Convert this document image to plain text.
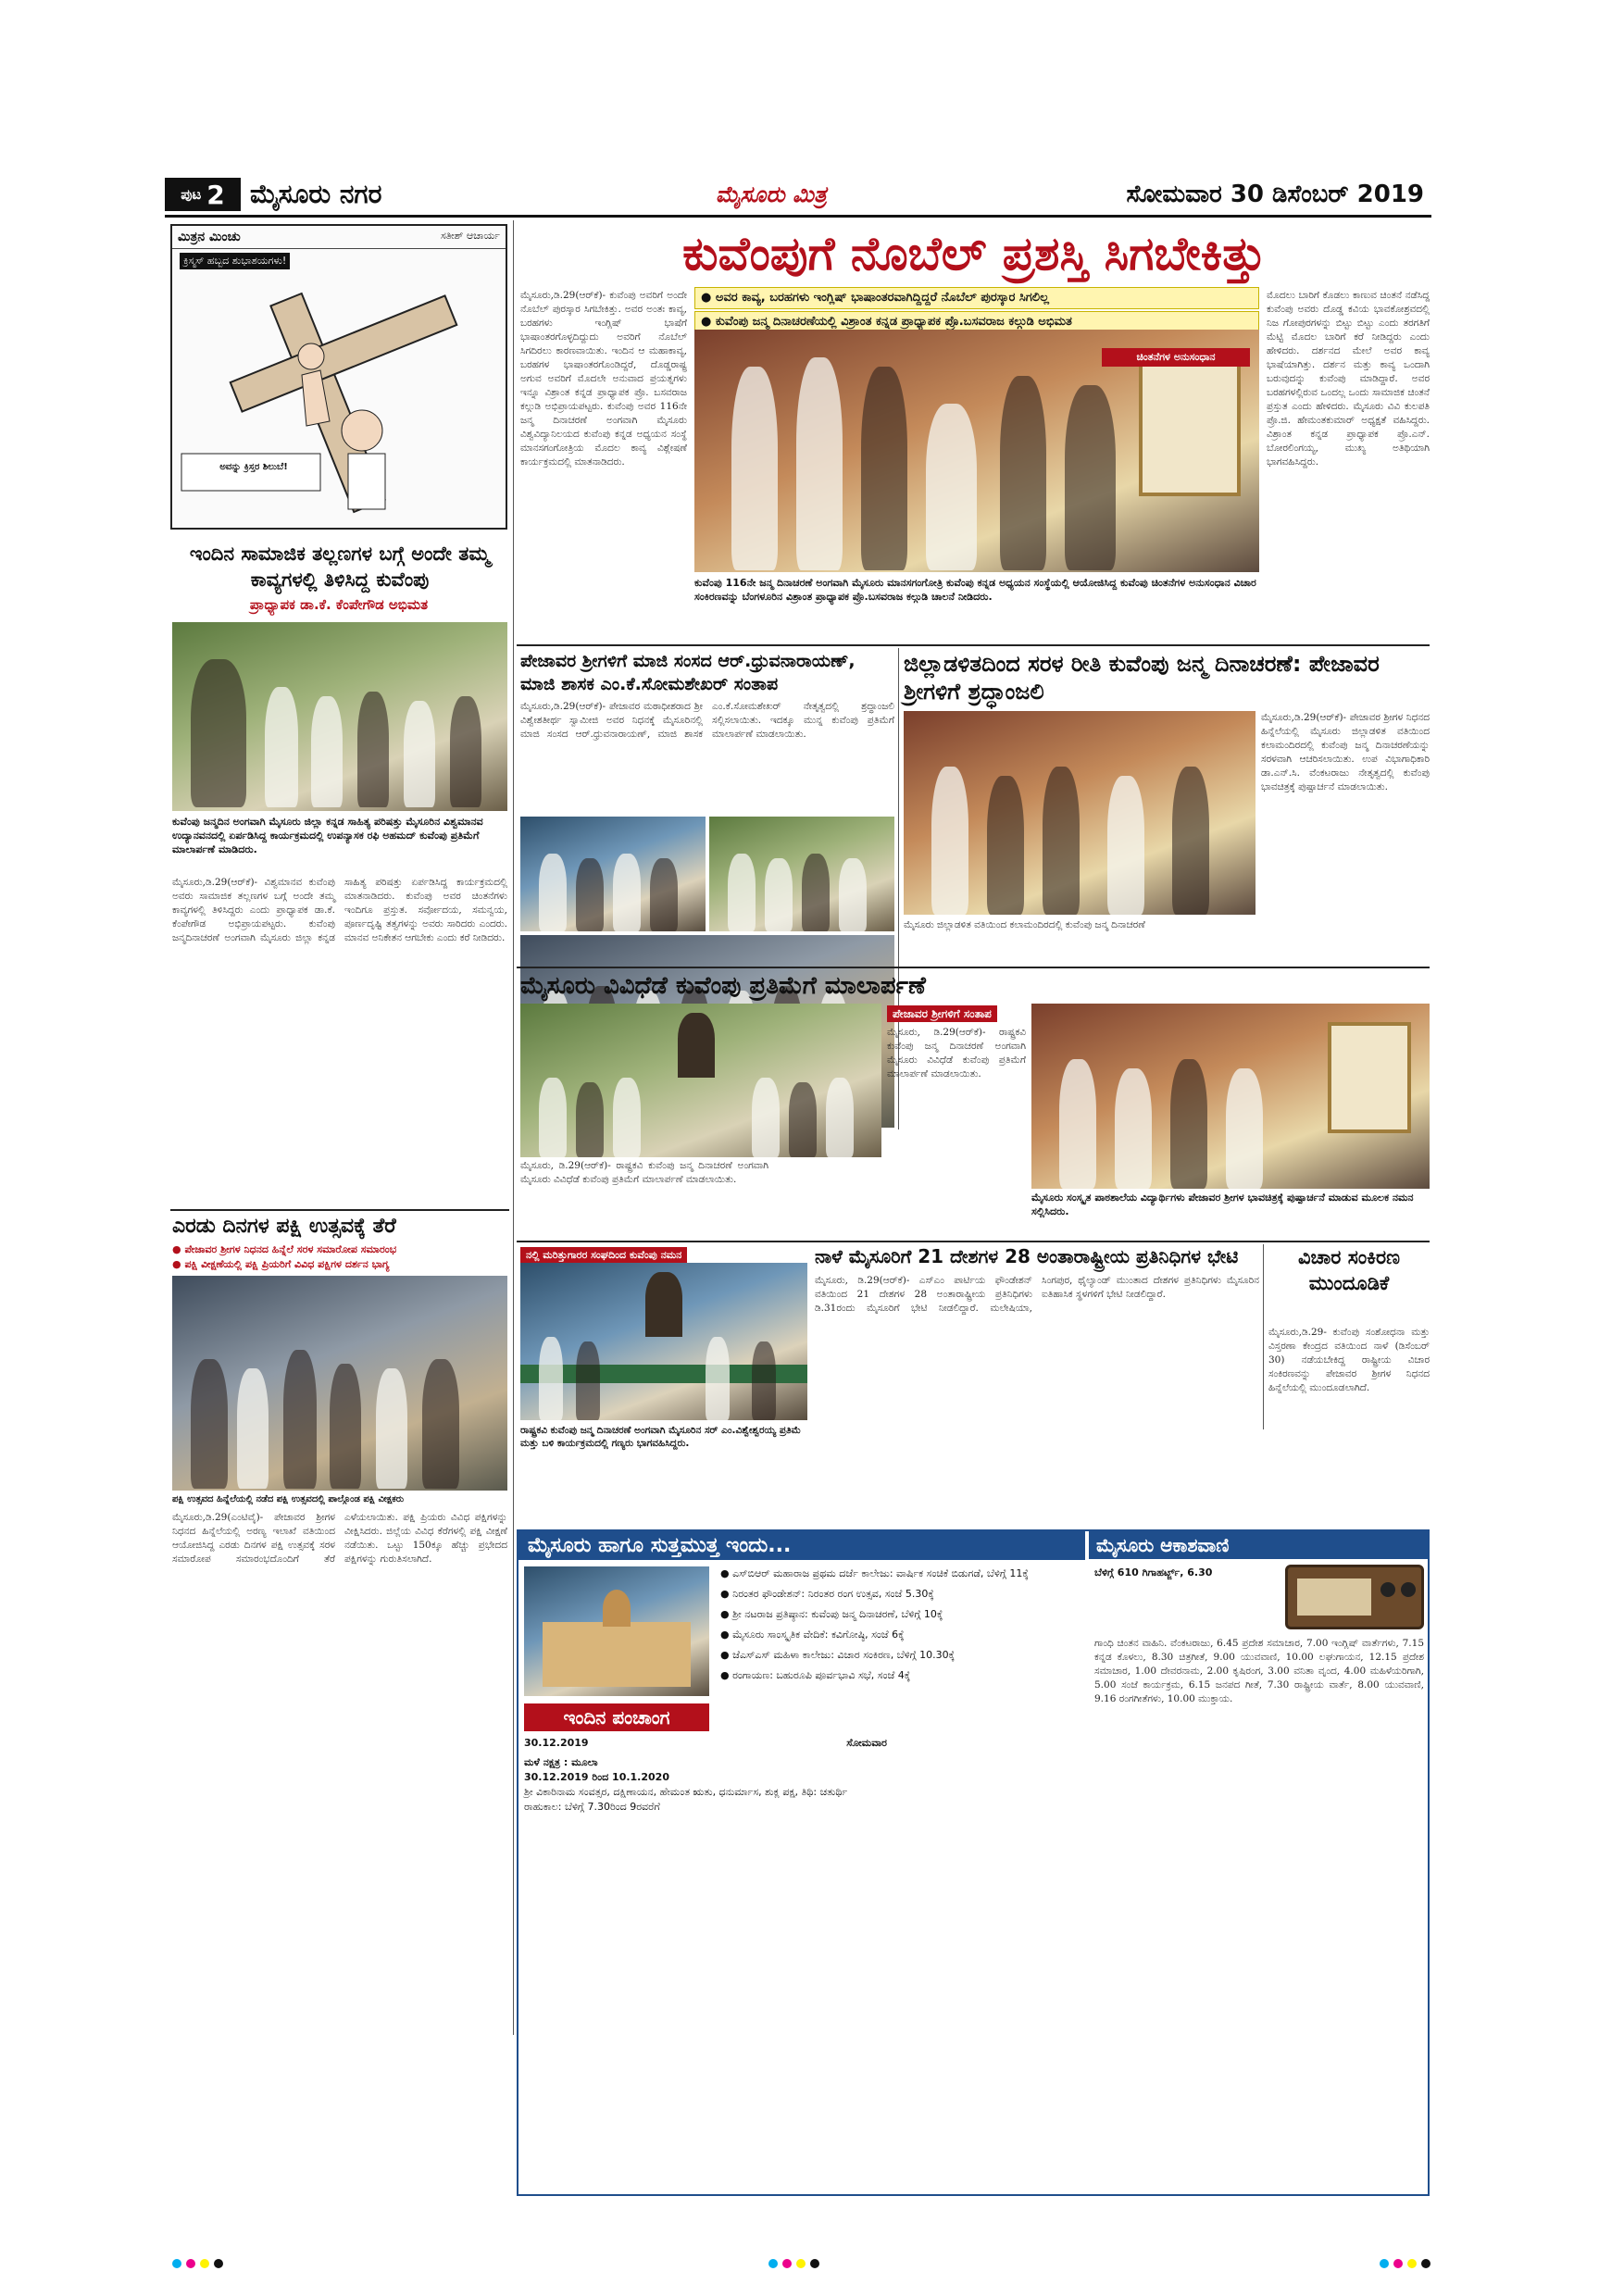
ಪುಟ 2 ಮೈಸೂರು ನಗರ	ಮೈಸೂರು ಮಿತ್ರ	ಸೋಮವಾರ 30 ಡಿಸೆಂಬರ್ 2019
ಮಿತ್ರನ ಮಿಂಚು	ಸತೀಶ್ ಆಚಾರ್ಯ
ಕ್ರಿಸ್ಮಸ್ ಹಬ್ಬದ ಶುಭಾಶಯಗಳು!
ಅವನ್ನು ಕ್ರಿಸ್ತರ ಶಿಲುಬೆ!
ಇಂದಿನ ಸಾಮಾಜಿಕ ತಲ್ಲಣಗಳ ಬಗ್ಗೆ ಅಂದೇ ತಮ್ಮ ಕಾವ್ಯಗಳಲ್ಲಿ ತಿಳಿಸಿದ್ದ ಕುವೆಂಪು
ಪ್ರಾಧ್ಯಾಪಕ ಡಾ.ಕೆ. ಕೆಂಪೇಗೌಡ ಅಭಿಮತ
ಕುವೆಂಪು ಜನ್ಮದಿನ ಅಂಗವಾಗಿ ಮೈಸೂರು ಜಿಲ್ಲಾ ಕನ್ನಡ ಸಾಹಿತ್ಯ ಪರಿಷತ್ತು ಮೈಸೂರಿನ ವಿಶ್ವಮಾನವ ಉದ್ಯಾನವನದಲ್ಲಿ ಏರ್ಪಡಿಸಿದ್ದ ಕಾರ್ಯಕ್ರಮದಲ್ಲಿ ಉಪನ್ಯಾಸಕ ರಫಿ ಅಹಮದ್ ಕುವೆಂಪು ಪ್ರತಿಮೆಗೆ ಮಾಲಾರ್ಪಣೆ ಮಾಡಿದರು.
ಮೈಸೂರು,ಡಿ.29(ಆರ್‌ಕೆ)- ವಿಶ್ವಮಾನವ ಕುವೆಂಪು ಅವರು ಸಾಮಾಜಿಕ ತಲ್ಲಣಗಳ ಬಗ್ಗೆ ಅಂದೇ ತಮ್ಮ ಕಾವ್ಯಗಳಲ್ಲಿ ತಿಳಿಸಿದ್ದರು ಎಂದು ಪ್ರಾಧ್ಯಾಪಕ ಡಾ.ಕೆ. ಕೆಂಪೇಗೌಡ ಅಭಿಪ್ರಾಯಪಟ್ಟರು. ಕುವೆಂಪು ಜನ್ಮದಿನಾಚರಣೆ ಅಂಗವಾಗಿ ಮೈಸೂರು ಜಿಲ್ಲಾ ಕನ್ನಡ ಸಾಹಿತ್ಯ ಪರಿಷತ್ತು ಏರ್ಪಡಿಸಿದ್ದ ಕಾರ್ಯಕ್ರಮದಲ್ಲಿ ಮಾತನಾಡಿದರು. ಕುವೆಂಪು ಅವರ ಚಿಂತನೆಗಳು ಇಂದಿಗೂ ಪ್ರಸ್ತುತ. ಸರ್ವೋದಯ, ಸಮನ್ವಯ, ಪೂರ್ಣದೃಷ್ಟಿ ತತ್ವಗಳನ್ನು ಅವರು ಸಾರಿದರು ಎಂದರು. ಮಾನವ ಅನಿಕೇತನ ಆಗಬೇಕು ಎಂದು ಕರೆ ನೀಡಿದರು.
ಎರಡು ದಿನಗಳ ಪಕ್ಷಿ ಉತ್ಸವಕ್ಕೆ ತೆರೆ
● ಪೇಜಾವರ ಶ್ರೀಗಳ ನಿಧನದ ಹಿನ್ನೆಲೆ ಸರಳ ಸಮಾರೋಪ ಸಮಾರಂಭ
● ಪಕ್ಷಿ ವೀಕ್ಷಣೆಯಲ್ಲಿ ಪಕ್ಷಿ ಪ್ರಿಯರಿಗೆ ವಿವಿಧ ಪಕ್ಷಿಗಳ ದರ್ಶನ ಭಾಗ್ಯ
ಪಕ್ಷಿ ಉತ್ಸವದ ಹಿನ್ನೆಲೆಯಲ್ಲಿ ನಡೆದ ಪಕ್ಷಿ ಉತ್ಸವದಲ್ಲಿ ಪಾಲ್ಗೊಂಡ ಪಕ್ಷಿ ವೀಕ್ಷಕರು
ಮೈಸೂರು,ಡಿ.29(ಎಂಟಿವೈ)- ಪೇಜಾವರ ಶ್ರೀಗಳ ನಿಧನದ ಹಿನ್ನೆಲೆಯಲ್ಲಿ ಅರಣ್ಯ ಇಲಾಖೆ ವತಿಯಿಂದ ಆಯೋಜಿಸಿದ್ದ ಎರಡು ದಿನಗಳ ಪಕ್ಷಿ ಉತ್ಸವಕ್ಕೆ ಸರಳ ಸಮಾರೋಪ ಸಮಾರಂಭದೊಂದಿಗೆ ತೆರೆ ಎಳೆಯಲಾಯಿತು. ಪಕ್ಷಿ ಪ್ರಿಯರು ವಿವಿಧ ಪಕ್ಷಿಗಳನ್ನು ವೀಕ್ಷಿಸಿದರು. ಜಿಲ್ಲೆಯ ವಿವಿಧ ಕೆರೆಗಳಲ್ಲಿ ಪಕ್ಷಿ ವೀಕ್ಷಣೆ ನಡೆಯಿತು. ಒಟ್ಟು 150ಕ್ಕೂ ಹೆಚ್ಚು ಪ್ರಭೇದದ ಪಕ್ಷಿಗಳನ್ನು ಗುರುತಿಸಲಾಗಿದೆ.
ಕುವೆಂಪುಗೆ ನೊಬೆಲ್ ಪ್ರಶಸ್ತಿ ಸಿಗಬೇಕಿತ್ತು
ಮೈಸೂರು,ಡಿ.29(ಆರ್‌ಕೆ)- ಕುವೆಂಪು ಅವರಿಗೆ ಅಂದೇ ನೊಬೆಲ್ ಪುರಸ್ಕಾರ ಸಿಗಬೇಕಿತ್ತು. ಅವರ ಅಂತಃ ಕಾವ್ಯ, ಬರಹಗಳು ಇಂಗ್ಲಿಷ್ ಭಾಷೆಗೆ ಭಾಷಾಂತರಗೊಳ್ಳದಿದ್ದುದು ಅವರಿಗೆ ನೊಬೆಲ್ ಸಿಗದಿರಲು ಕಾರಣವಾಯಿತು. ಇಂದಿನ ಆ ಮಹಾಕಾವ್ಯ, ಬರಹಗಳ ಭಾಷಾಂತರಗೊಂಡಿದ್ದರೆ, ದೊಡ್ಡರಾಷ್ಟ್ರ ಅಗುವ ಅವರಿಗೆ ಮೊದಲೇ ಅನುವಾದ ಪ್ರಯತ್ನಗಳು ಇನ್ನೂ ವಿಶ್ರಾಂತ ಕನ್ನಡ ಪ್ರಾಧ್ಯಾಪಕ ಪ್ರೊ. ಬಸವರಾಜ ಕಲ್ಗುಡಿ ಅಭಿಪ್ರಾಯಪಟ್ಟರು. ಕುವೆಂಪು ಅವರ 116ನೇ ಜನ್ಮ ದಿನಾಚರಣೆ ಅಂಗವಾಗಿ ಮೈಸೂರು ವಿಶ್ವವಿದ್ಯಾನಿಲಯದ ಕುವೆಂಪು ಕನ್ನಡ ಅಧ್ಯಯನ ಸಂಸ್ಥೆ ಮಾನಸಗಂಗೋತ್ರಿಯ ಮೊದಲ ಕಾವ್ಯ ವಿಶ್ಲೇಷಣೆ ಕಾರ್ಯಕ್ರಮದಲ್ಲಿ ಮಾತನಾಡಿದರು.
● ಅವರ ಕಾವ್ಯ, ಬರಹಗಳು ಇಂಗ್ಲಿಷ್ ಭಾಷಾಂತರವಾಗಿದ್ದಿದ್ದರೆ ನೊಬೆಲ್ ಪುರಸ್ಕಾರ ಸಿಗಲಿಲ್ಲ
● ಕುವೆಂಪು ಜನ್ಮ ದಿನಾಚರಣೆಯಲ್ಲಿ ವಿಶ್ರಾಂತ ಕನ್ನಡ ಪ್ರಾಧ್ಯಾಪಕ ಪ್ರೊ.ಬಸವರಾಜ ಕಲ್ಗುಡಿ ಅಭಿಮತ
ಚಿಂತನೆಗಳ ಅನುಸಂಧಾನ
ಕುವೆಂಪು 116ನೇ ಜನ್ಮ ದಿನಾಚರಣೆ ಅಂಗವಾಗಿ ಮೈಸೂರು ಮಾನಸಗಂಗೋತ್ರಿ ಕುವೆಂಪು ಕನ್ನಡ ಅಧ್ಯಯನ ಸಂಸ್ಥೆಯಲ್ಲಿ ಆಯೋಜಿಸಿದ್ದ ಕುವೆಂಪು ಚಿಂತನೆಗಳ ಅನುಸಂಧಾನ ವಿಚಾರ ಸಂಕಿರಣವನ್ನು ಬೆಂಗಳೂರಿನ ವಿಶ್ರಾಂತ ಪ್ರಾಧ್ಯಾಪಕ ಪ್ರೊ.ಬಸವರಾಜ ಕಲ್ಗುಡಿ ಚಾಲನೆ ನೀಡಿದರು.
ಮೊದಲು ಬಾರಿಗೆ ಕೊಡಲು ಕಾಣುವ ಚಿಂತನೆ ನಡೆಸಿದ್ದ ಕುವೆಂಪು ಅವರು ದೊಡ್ಡ ಕವಿಯ ಭಾವಕೋಶ್ರವದಲ್ಲಿ ನಿಜ ಗೋಪುರಗಳನ್ನು ಬಿಟ್ಟು ಬಿಟ್ಟು ಎಂದು ತರಗತಿಗೆ ಮೆಟ್ಟಿ ಮೊದಲ ಬಾರಿಗೆ ಕರೆ ನೀಡಿದ್ದರು ಎಂದು ಹೇಳಿದರು. ದರ್ಶನದ ಮೇಲೆ ಅವರ ಕಾವ್ಯ ಭಾಷೆಯಾಗಿತ್ತು. ದರ್ಶನ ಮತ್ತು ಕಾವ್ಯ ಒಂದಾಗಿ ಬರುವುದನ್ನು ಕುವೆಂಪು ಮಾಡಿದ್ದಾರೆ. ಅವರ ಬರಹಗಳಲ್ಲಿರುವ ಒಂದಲ್ಲ ಒಂದು ಸಾಮಾಜಿಕ ಚಿಂತನೆ ಪ್ರಸ್ತುತ ಎಂದು ಹೇಳಿದರು. ಮೈಸೂರು ವಿವಿ ಕುಲಪತಿ ಪ್ರೊ.ಜಿ. ಹೇಮಂತಕುಮಾರ್ ಅಧ್ಯಕ್ಷತೆ ವಹಿಸಿದ್ದರು. ವಿಶ್ರಾಂತ ಕನ್ನಡ ಪ್ರಾಧ್ಯಾಪಕ ಪ್ರೊ.ಎನ್. ಬೋರಲಿಂಗಯ್ಯ, ಮುಖ್ಯ ಅತಿಥಿಯಾಗಿ ಭಾಗವಹಿಸಿದ್ದರು.
ಪೇಜಾವರ ಶ್ರೀಗಳಿಗೆ ಮಾಜಿ ಸಂಸದ ಆರ್.ಧ್ರುವನಾರಾಯಣ್, ಮಾಜಿ ಶಾಸಕ ಎಂ.ಕೆ.ಸೋಮಶೇಖರ್ ಸಂತಾಪ
ಮೈಸೂರು,ಡಿ.29(ಆರ್‌ಕೆ)- ಪೇಜಾವರ ಮಠಾಧೀಶರಾದ ಶ್ರೀ ವಿಶ್ವೇಶತೀರ್ಥ ಸ್ವಾಮೀಜಿ ಅವರ ನಿಧನಕ್ಕೆ ಮೈಸೂರಿನಲ್ಲಿ ಮಾಜಿ ಸಂಸದ ಆರ್.ಧ್ರುವನಾರಾಯಣ್, ಮಾಜಿ ಶಾಸಕ ಎಂ.ಕೆ.ಸೋಮಶೇಖರ್ ನೇತೃತ್ವದಲ್ಲಿ ಶ್ರದ್ಧಾಂಜಲಿ ಸಲ್ಲಿಸಲಾಯಿತು. ಇದಕ್ಕೂ ಮುನ್ನ ಕುವೆಂಪು ಪ್ರತಿಮೆಗೆ ಮಾಲಾರ್ಪಣೆ ಮಾಡಲಾಯಿತು.
ಜಿಲ್ಲಾಡಳಿತದಿಂದ ಸರಳ ರೀತಿ ಕುವೆಂಪು ಜನ್ಮ ದಿನಾಚರಣೆ: ಪೇಜಾವರ ಶ್ರೀಗಳಿಗೆ ಶ್ರದ್ಧಾಂಜಲಿ
ಮೈಸೂರು,ಡಿ.29(ಆರ್‌ಕೆ)- ಪೇಜಾವರ ಶ್ರೀಗಳ ನಿಧನದ ಹಿನ್ನೆಲೆಯಲ್ಲಿ ಮೈಸೂರು ಜಿಲ್ಲಾಡಳಿತ ವತಿಯಿಂದ ಕಲಾಮಂದಿರದಲ್ಲಿ ಕುವೆಂಪು ಜನ್ಮ ದಿನಾಚರಣೆಯನ್ನು ಸರಳವಾಗಿ ಆಚರಿಸಲಾಯಿತು. ಉಪ ವಿಭಾಗಾಧಿಕಾರಿ ಡಾ.ಎನ್.ಸಿ. ವೆಂಕಟರಾಜು ನೇತೃತ್ವದಲ್ಲಿ ಕುವೆಂಪು ಭಾವಚಿತ್ರಕ್ಕೆ ಪುಷ್ಪಾರ್ಚನೆ ಮಾಡಲಾಯಿತು.
ಮೈಸೂರು ಜಿಲ್ಲಾಡಳಿತ ವತಿಯಿಂದ ಕಲಾಮಂದಿರದಲ್ಲಿ ಕುವೆಂಪು ಜನ್ಮ ದಿನಾಚರಣೆ
ಮೈಸೂರು ವಿವಿಧೆಡೆ ಕುವೆಂಪು ಪ್ರತಿಮೆಗೆ ಮಾಲಾರ್ಪಣೆ
ಪೇಜಾವರ ಶ್ರೀಗಳಿಗೆ ಸಂತಾಪ
ಮೈಸೂರು, ಡಿ.29(ಆರ್‌ಕೆ)- ರಾಷ್ಟ್ರಕವಿ ಕುವೆಂಪು ಜನ್ಮ ದಿನಾಚರಣೆ ಅಂಗವಾಗಿ ಮೈಸೂರು ವಿವಿಧೆಡೆ ಕುವೆಂಪು ಪ್ರತಿಮೆಗೆ ಮಾಲಾರ್ಪಣೆ ಮಾಡಲಾಯಿತು.
ಮೈಸೂರು ಸಂಸ್ಕೃತ ಪಾಠಶಾಲೆಯ ವಿದ್ಯಾರ್ಥಿಗಳು ಪೇಜಾವರ ಶ್ರೀಗಳ ಭಾವಚಿತ್ರಕ್ಕೆ ಪುಷ್ಪಾರ್ಚನೆ ಮಾಡುವ ಮೂಲಕ ನಮನ ಸಲ್ಲಿಸಿದರು.
ಮೈಸೂರು, ಡಿ.29(ಆರ್‌ಕೆ)- ರಾಷ್ಟ್ರಕವಿ ಕುವೆಂಪು ಜನ್ಮ ದಿನಾಚರಣೆ ಅಂಗವಾಗಿ ಮೈಸೂರು ವಿವಿಧೆಡೆ ಕುವೆಂಪು ಪ್ರತಿಮೆಗೆ ಮಾಲಾರ್ಪಣೆ ಮಾಡಲಾಯಿತು.
ನಲ್ಲಿ ಮರಿತ್ತುಗಾರರ ಸಂಘದಿಂದ ಕುವೆಂಪು ನಮನ
ರಾಷ್ಟ್ರಕವಿ ಕುವೆಂಪು ಜನ್ಮ ದಿನಾಚರಣೆ ಅಂಗವಾಗಿ ಮೈಸೂರಿನ ಸರ್ ಎಂ.ವಿಶ್ವೇಶ್ವರಯ್ಯ ಪ್ರತಿಮೆ ಮತ್ತು ಬಳಿ ಕಾರ್ಯಕ್ರಮದಲ್ಲಿ ಗಣ್ಯರು ಭಾಗವಹಿಸಿದ್ದರು.
ನಾಳೆ ಮೈಸೂರಿಗೆ 21 ದೇಶಗಳ 28 ಅಂತಾರಾಷ್ಟ್ರೀಯ ಪ್ರತಿನಿಧಿಗಳ ಭೇಟಿ
ಮೈಸೂರು, ಡಿ.29(ಆರ್‌ಕೆ)- ಎಸ್‌ಎಂ ಪಾರ್ಟಿಯ ಫೌಂಡೇಶನ್ ವತಿಯಿಂದ 21 ದೇಶಗಳ 28 ಅಂತಾರಾಷ್ಟ್ರೀಯ ಪ್ರತಿನಿಧಿಗಳು ಡಿ.31ರಂದು ಮೈಸೂರಿಗೆ ಭೇಟಿ ನೀಡಲಿದ್ದಾರೆ. ಮಲೇಷಿಯಾ, ಸಿಂಗಪುರ, ಥೈಲ್ಯಾಂಡ್ ಮುಂತಾದ ದೇಶಗಳ ಪ್ರತಿನಿಧಿಗಳು ಮೈಸೂರಿನ ಐತಿಹಾಸಿಕ ಸ್ಥಳಗಳಿಗೆ ಭೇಟಿ ನೀಡಲಿದ್ದಾರೆ.
ವಿಚಾರ ಸಂಕಿರಣ ಮುಂದೂಡಿಕೆ
ಮೈಸೂರು,ಡಿ.29- ಕುವೆಂಪು ಸಂಶೋಧನಾ ಮತ್ತು ವಿಸ್ತರಣಾ ಕೇಂದ್ರದ ವತಿಯಿಂದ ನಾಳೆ (ಡಿಸೆಂಬರ್ 30) ನಡೆಯಬೇಕಿದ್ದ ರಾಷ್ಟ್ರೀಯ ವಿಚಾರ ಸಂಕಿರಣವನ್ನು ಪೇಜಾವರ ಶ್ರೀಗಳ ನಿಧನದ ಹಿನ್ನೆಲೆಯಲ್ಲಿ ಮುಂದೂಡಲಾಗಿದೆ.
ಮೈಸೂರು ಹಾಗೂ ಸುತ್ತಮುತ್ತ ಇಂದು...
ಇಂದಿನ ಪಂಚಾಂಗ
30.12.2019	ಸೋಮವಾರ
ಮಳೆ ನಕ್ಷತ್ರ : ಮೂಲಾ
30.12.2019 ರಿಂದ 10.1.2020
ಶ್ರೀ ವಿಕಾರಿನಾಮ ಸಂವತ್ಸರ, ದಕ್ಷಿಣಾಯನ, ಹೇಮಂತ ಋತು, ಧನುರ್ಮಾಸ, ಶುಕ್ಲ ಪಕ್ಷ, ತಿಥಿ: ಚತುರ್ಥಿ
ರಾಹುಕಾಲ: ಬೆಳಿಗ್ಗೆ 7.30ರಿಂದ 9ರವರೆಗೆ
● ಎಸ್‌ಬಿಆರ್ ಮಹಾರಾಜ ಪ್ರಥಮ ದರ್ಜೆ ಕಾಲೇಜು: ವಾರ್ಷಿಕ ಸಂಚಿಕೆ ಬಿಡುಗಡೆ, ಬೆಳಿಗ್ಗೆ 11ಕ್ಕೆ
● ನಿರಂತರ ಫೌಂಡೇಶನ್: ನಿರಂತರ ರಂಗ ಉತ್ಸವ, ಸಂಜೆ 5.30ಕ್ಕೆ
● ಶ್ರೀ ನಟರಾಜ ಪ್ರತಿಷ್ಠಾನ: ಕುವೆಂಪು ಜನ್ಮ ದಿನಾಚರಣೆ, ಬೆಳಿಗ್ಗೆ 10ಕ್ಕೆ
● ಮೈಸೂರು ಸಾಂಸ್ಕೃತಿಕ ವೇದಿಕೆ: ಕವಿಗೋಷ್ಠಿ, ಸಂಜೆ 6ಕ್ಕೆ
● ಜೆಎಸ್‌ಎಸ್ ಮಹಿಳಾ ಕಾಲೇಜು: ವಿಚಾರ ಸಂಕಿರಣ, ಬೆಳಿಗ್ಗೆ 10.30ಕ್ಕೆ
● ರಂಗಾಯಣ: ಬಹುರೂಪಿ ಪೂರ್ವಭಾವಿ ಸಭೆ, ಸಂಜೆ 4ಕ್ಕೆ
ಮೈಸೂರು ಆಕಾಶವಾಣಿ
ಬೆಳಿಗ್ಗೆ 610 ಗಿಗಾಹರ್ಟ್ಜ್, 6.30
ಗಾಂಧಿ ಚಿಂತನ ವಾಹಿನಿ. ವೆಂಕಟರಾಜು, 6.45 ಪ್ರದೇಶ ಸಮಾಚಾರ, 7.00 ಇಂಗ್ಲಿಷ್ ವಾರ್ತೆಗಳು, 7.15 ಕನ್ನಡ ಕೊಳಲು, 8.30 ಚಿತ್ರಗೀತೆ, 9.00 ಯುವವಾಣಿ, 10.00 ಲಘುಗಾಯನ, 12.15 ಪ್ರದೇಶ ಸಮಾಚಾರ, 1.00 ದೇವರನಾಮ, 2.00 ಕೃಷಿರಂಗ, 3.00 ವನಿತಾ ವೃಂದ, 4.00 ಮಹಿಳೆಯರಿಗಾಗಿ, 5.00 ಸಂಜೆ ಕಾರ್ಯಕ್ರಮ, 6.15 ಜನಪದ ಗೀತೆ, 7.30 ರಾಷ್ಟ್ರೀಯ ವಾರ್ತೆ, 8.00 ಯುವವಾಣಿ, 9.16 ರಂಗಗೀತೆಗಳು, 10.00 ಮುಕ್ತಾಯ.
